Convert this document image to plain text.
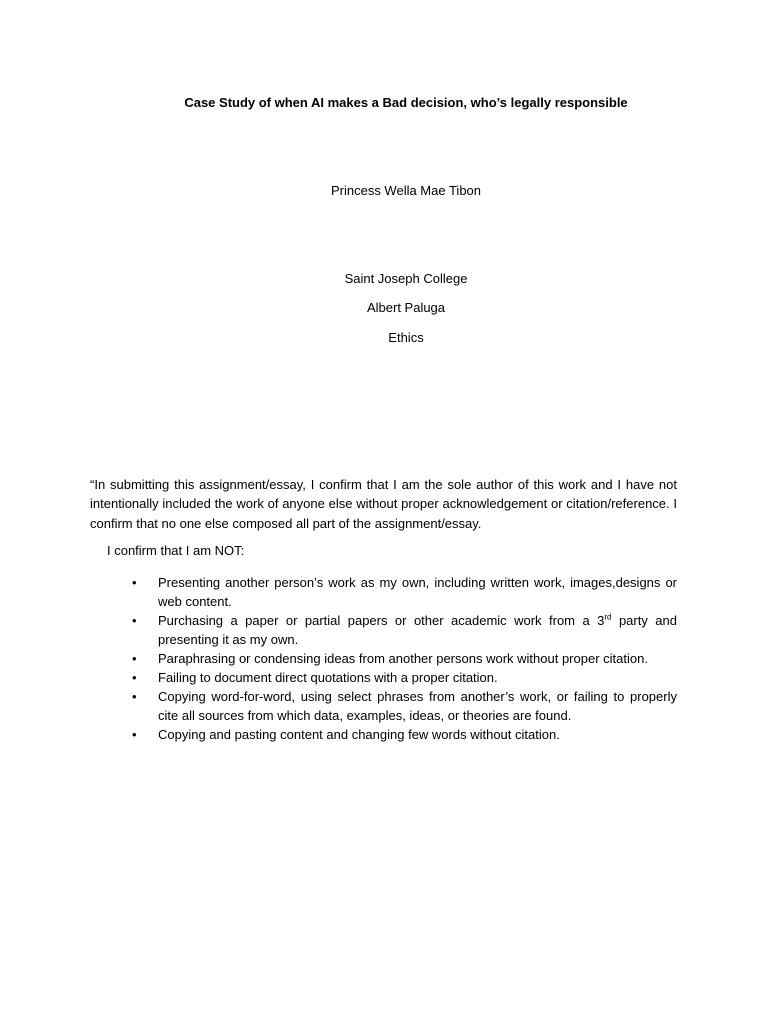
Case Study of when AI makes a Bad decision, who’s legally responsible
Princess Wella Mae Tibon
Saint Joseph College
Albert Paluga
Ethics

“In submitting this assignment/essay, I confirm that I am the sole author of this work and I have not intentionally included the work of anyone else without proper acknowledgement or citation/reference. I confirm that no one else composed all part of the assignment/essay.

I confirm that I am NOT:

• Presenting another person’s work as my own, including written work, images,designs or web content.
• Purchasing a paper or partial papers or other academic work from a 3rd party and presenting it as my own.
• Paraphrasing or condensing ideas from another persons work without proper citation.
• Failing to document direct quotations with a proper citation.
• Copying word-for-word, using select phrases from another’s work, or failing to properly cite all sources from which data, examples, ideas, or theories are found.
• Copying and pasting content and changing few words without citation.
